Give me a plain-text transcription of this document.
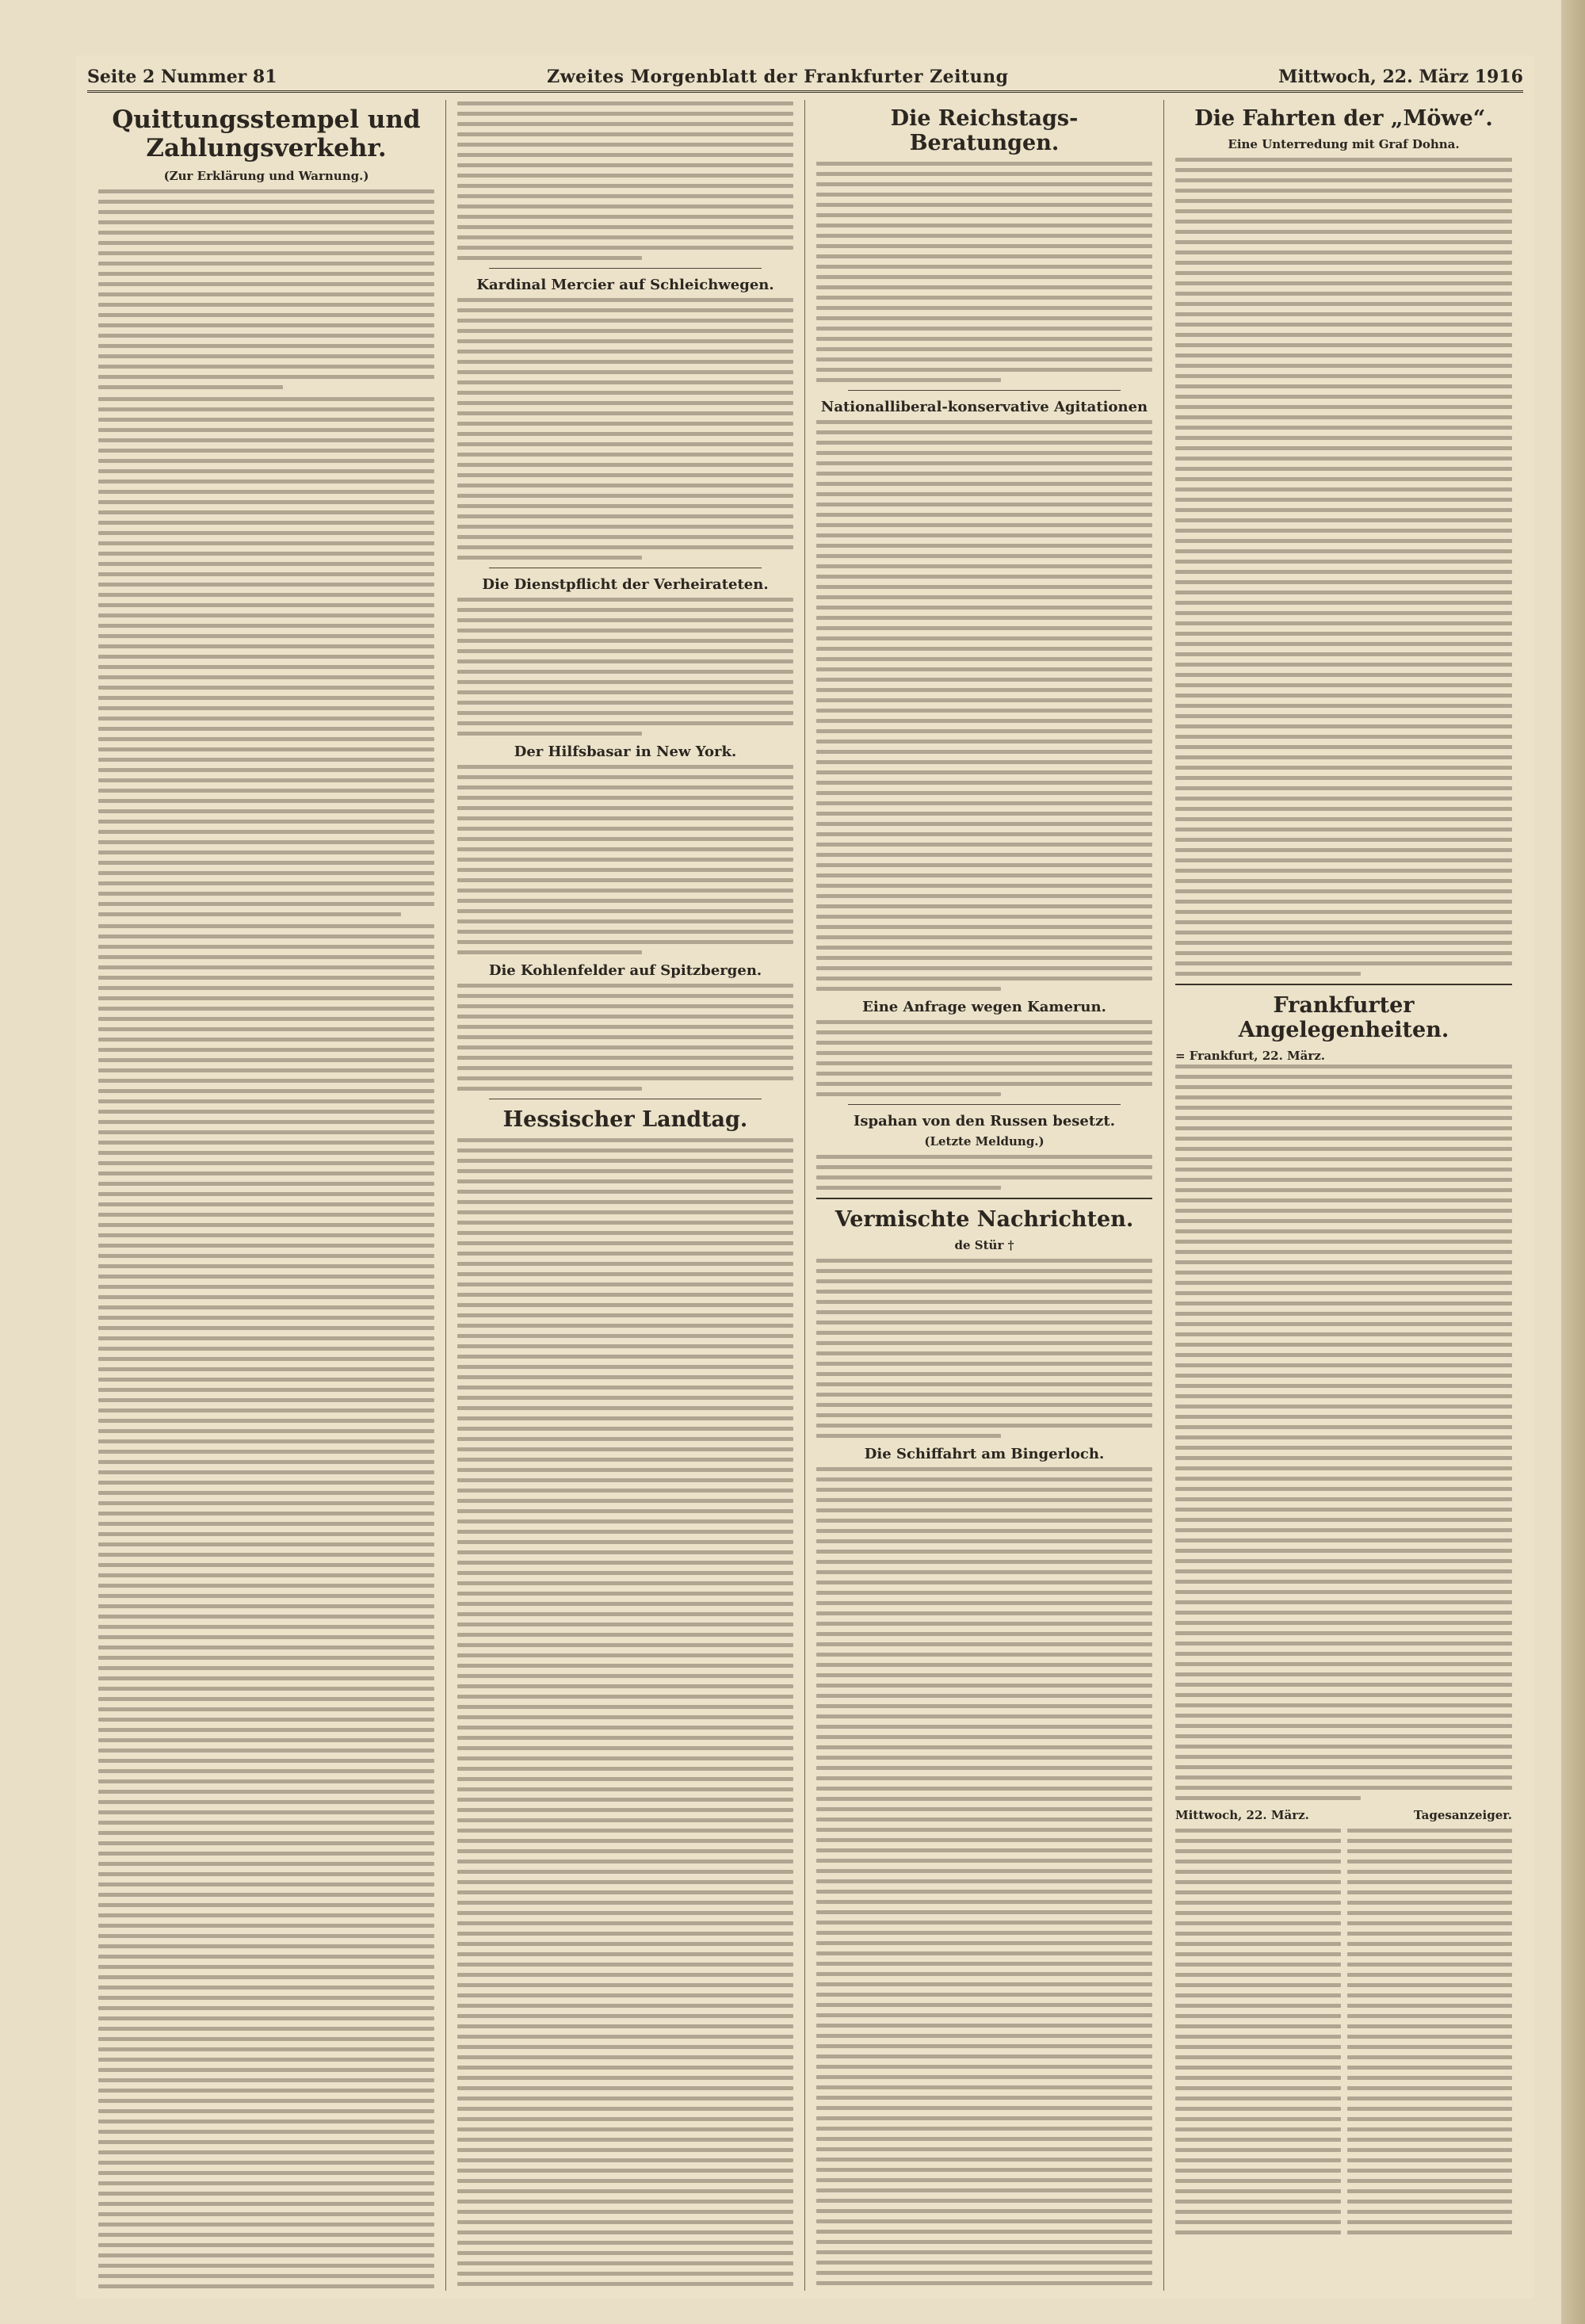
Seite 2 Nummer 81	Zweites Morgenblatt der Frankfurter Zeitung	Mittwoch, 22. März 1916
Quittungsstempel und Zahlungsverkehr.
(Zur Erklärung und Warnung.)
Kardinal Mercier auf Schleichwegen.
Die Dienstpflicht der Verheirateten.
Der Hilfsbasar in New York.
Die Kohlenfelder auf Spitzbergen.
Hessischer Landtag.
Die Reichstags-Beratungen.
Nationalliberal-konservative Agitationen
Eine Anfrage wegen Kamerun.
Ispahan von den Russen besetzt.
(Letzte Meldung.)
Vermischte Nachrichten.
de Stür †
Die Schiffahrt am Bingerloch.
Die Fahrten der „Möwe“.
Eine Unterredung mit Graf Dohna.
Frankfurter Angelegenheiten.
= Frankfurt, 22. März.
Mittwoch, 22. März.	Tagesanzeiger.
